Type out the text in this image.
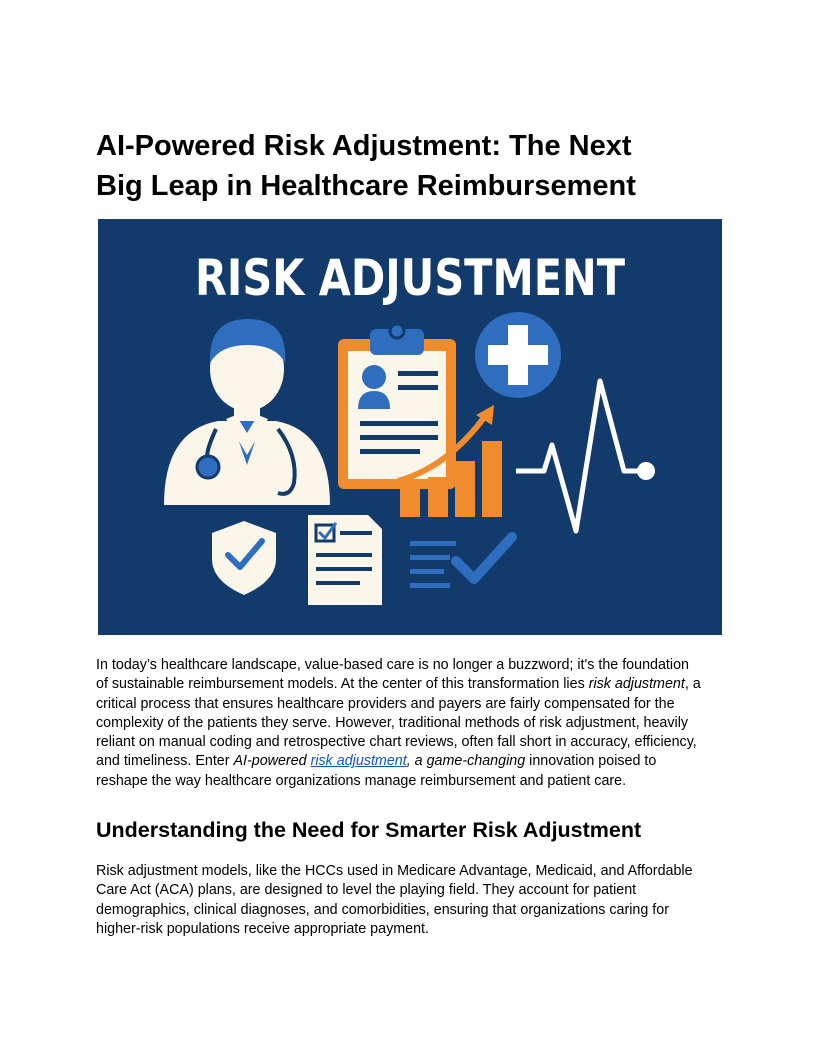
AI-Powered Risk Adjustment: The Next
Big Leap in Healthcare Reimbursement
RISK ADJUSTMENT
In today’s healthcare landscape, value-based care is no longer a buzzword; it's the foundation
of sustainable reimbursement models. At the center of this transformation lies risk adjustment, a
critical process that ensures healthcare providers and payers are fairly compensated for the
complexity of the patients they serve. However, traditional methods of risk adjustment, heavily
reliant on manual coding and retrospective chart reviews, often fall short in accuracy, efficiency,
and timeliness. Enter AI-powered risk adjustment, a game-changing innovation poised to
reshape the way healthcare organizations manage reimbursement and patient care.
Understanding the Need for Smarter Risk Adjustment
Risk adjustment models, like the HCCs used in Medicare Advantage, Medicaid, and Affordable
Care Act (ACA) plans, are designed to level the playing field. They account for patient
demographics, clinical diagnoses, and comorbidities, ensuring that organizations caring for
higher-risk populations receive appropriate payment.
